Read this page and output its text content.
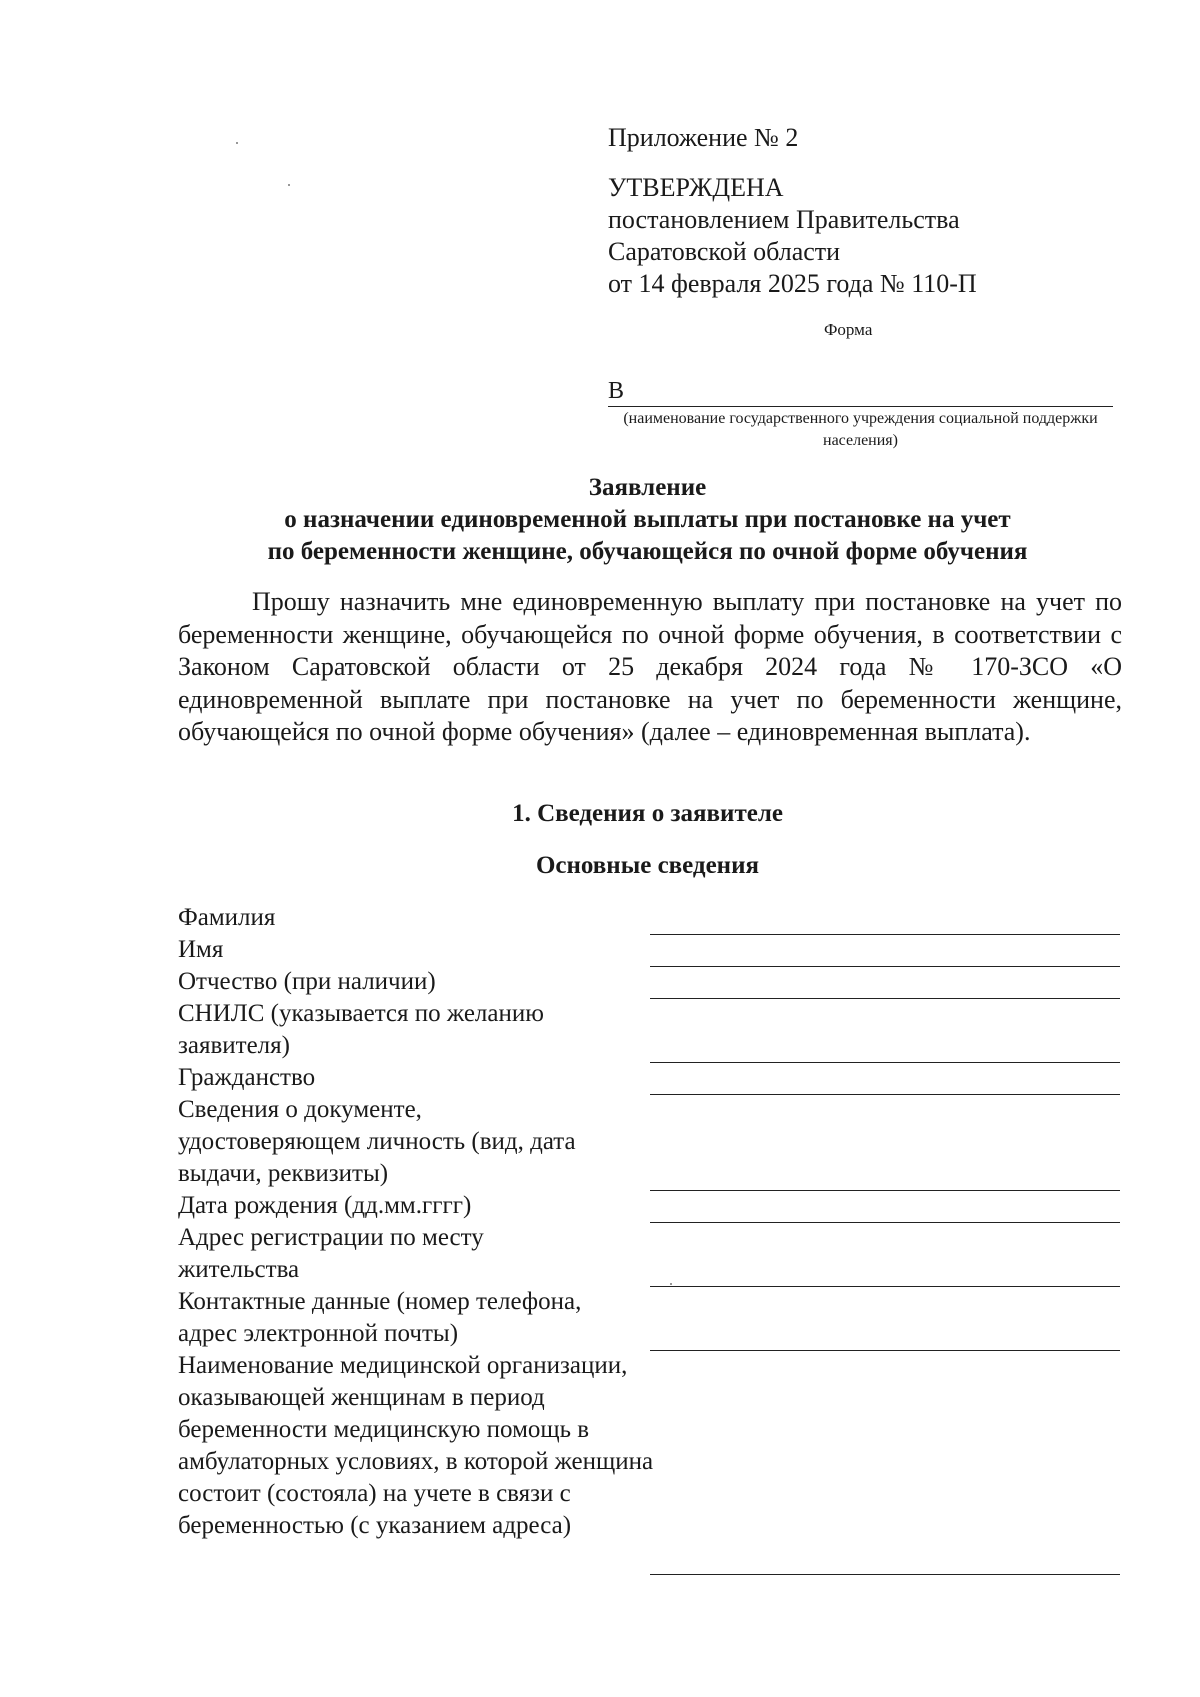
Приложение № 2
УТВЕРЖДЕНА
постановлением Правительства
Саратовской области
от 14 февраля 2025 года № 110-П
Форма
В
(наименование государственного учреждения социальной поддержки населения)
Заявление
о назначении единовременной выплаты при постановке на учет
по беременности женщине, обучающейся по очной форме обучения

Прошу назначить мне единовременную выплату при постановке на учет по беременности женщине, обучающейся по очной форме обучения, в соответствии с Законом Саратовской области от 25 декабря 2024 года № 170-ЗСО «О единовременной выплате при постановке на учет по беременности женщине, обучающейся по очной форме обучения» (далее – единовременная выплата).

1. Сведения о заявителе
Основные сведения
Фамилия
Имя
Отчество (при наличии)
СНИЛС (указывается по желанию заявителя)
Гражданство
Сведения о документе, удостоверяющем личность (вид, дата выдачи, реквизиты)
Дата рождения (дд.мм.гггг)
Адрес регистрации по месту жительства
Контактные данные (номер телефона, адрес электронной почты)
Наименование медицинской организации, оказывающей женщинам в период беременности медицинскую помощь в амбулаторных условиях, в которой женщина состоит (состояла) на учете в связи с беременностью (с указанием адреса)
